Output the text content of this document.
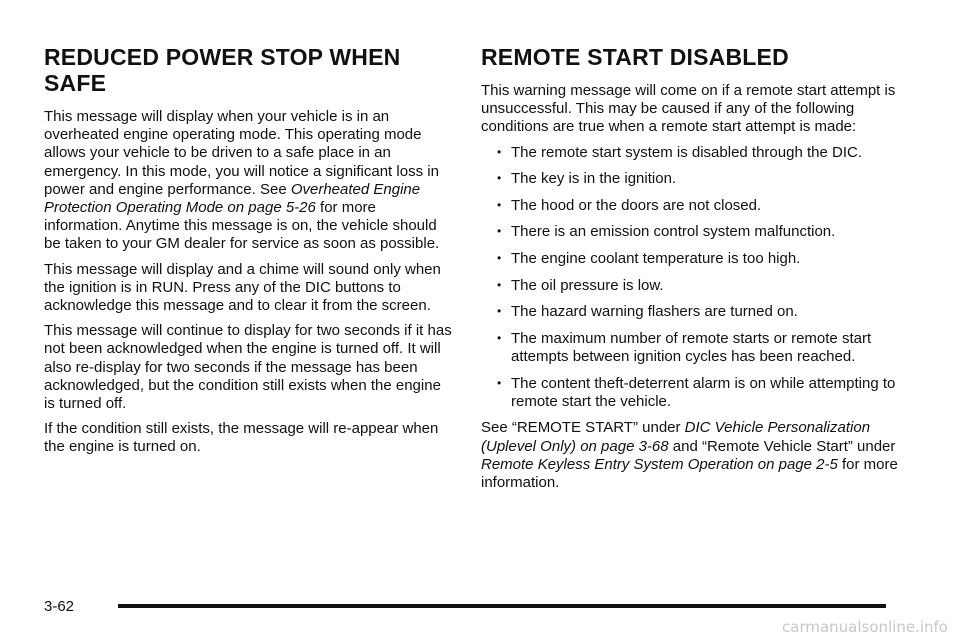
REDUCED POWER STOP WHEN SAFE

This message will display when your vehicle is in an overheated engine operating mode. This operating mode allows your vehicle to be driven to a safe place in an emergency. In this mode, you will notice a significant loss in power and engine performance. See Overheated Engine Protection Operating Mode on page 5-26 for more information. Anytime this message is on, the vehicle should be taken to your GM dealer for service as soon as possible.

This message will display and a chime will sound only when the ignition is in RUN. Press any of the DIC buttons to acknowledge this message and to clear it from the screen.

This message will continue to display for two seconds if it has not been acknowledged when the engine is turned off. It will also re-display for two seconds if the message has been acknowledged, but the condition still exists when the engine is turned off.

If the condition still exists, the message will re-appear when the engine is turned on.

REMOTE START DISABLED

This warning message will come on if a remote start attempt is unsuccessful. This may be caused if any of the following conditions are true when a remote start attempt is made:

• The remote start system is disabled through the DIC.
• The key is in the ignition.
• The hood or the doors are not closed.
• There is an emission control system malfunction.
• The engine coolant temperature is too high.
• The oil pressure is low.
• The hazard warning flashers are turned on.
• The maximum number of remote starts or remote start attempts between ignition cycles has been reached.
• The content theft-deterrent alarm is on while attempting to remote start the vehicle.

See “REMOTE START” under DIC Vehicle Personalization (Uplevel Only) on page 3-68 and “Remote Vehicle Start” under Remote Keyless Entry System Operation on page 2-5 for more information.

3-62
carmanualsonline.info
